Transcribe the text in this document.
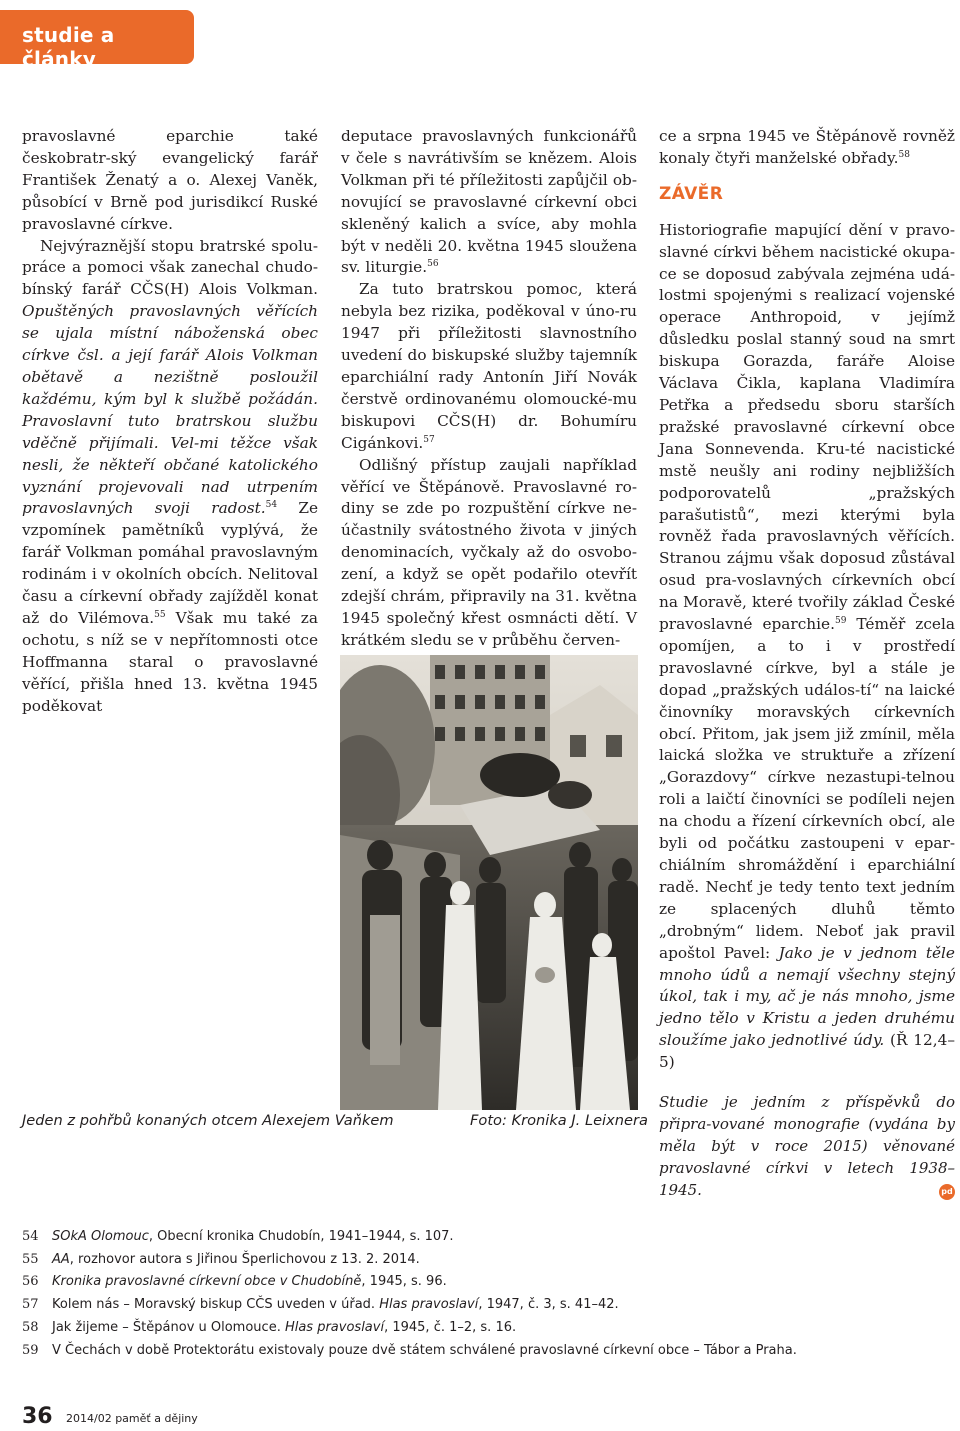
studie a články

pravoslavné eparchie také českobratr-ský evangelický farář František Ženatý a o. Alexej Vaněk, působící v Brně pod jurisdikcí Ruské pravoslavné církve.

Nejvýraznější stopu bratrské spolu-práce a pomoci však zanechal chudo-bínský farář CČS(H) Alois Volkman. Opuštěných pravoslavných věřících se ujala místní náboženská obec církve čsl. a její farář Alois Volkman obětavě a nezištně posloužil každému, kým byl k službě požádán. Pravoslavní tuto bratrskou službu vděčně přijímali. Vel-mi těžce však nesli, že někteří občané katolického vyznání projevovali nad utrpením pravoslavných svoji radost.$^{54}$ Ze vzpomínek pamětníků vyplývá, že farář Volkman pomáhal pravoslavným rodinám i v okolních obcích. Nelitoval času a církevní obřady zajížděl konat až do Vilémova.$^{55}$ Však mu také za ochotu, s níž se v nepřítomnosti otce Hoffmanna staral o pravoslavné věřící, přišla hned 13. května 1945 poděkovat

deputace pravoslavných funkcionářů v čele s navrátivším se knězem. Alois Volkman při té příležitosti zapůjčil ob-novující se pravoslavné církevní obci skleněný kalich a svíce, aby mohla být v neděli 20. května 1945 sloužena sv. liturgie.$^{56}$

Za tuto bratrskou pomoc, která nebyla bez rizika, poděkoval v úno-ru 1947 při příležitosti slavnostního uvedení do biskupské služby tajemník eparchiální rady Antonín Jiří Novák čerstvě ordinovanému olomoucké-mu biskupovi CČS(H) dr. Bohumíru Cigánkovi.$^{57}$

Odlišný přístup zaujali například věřící ve Štěpánově. Pravoslavné ro-diny se zde po rozpuštění církve ne-účastnily svátostného života v jiných denominacích, vyčkaly až do osvobo-zení, a když se opět podařilo otevřít zdejší chrám, připravily na 31. května 1945 společný křest osmnácti dětí. V krátkém sledu se v průběhu červen-

Jeden z pohřbů konaných otcem Alexejem Vaňkem	Foto: Kronika J. Leixnera

ce a srpna 1945 ve Štěpánově rovněž konaly čtyři manželské obřady.$^{58}$

ZÁVĚR

Historiografie mapující dění v pravo-slavné církvi během nacistické okupa-ce se doposud zabývala zejména udá-lostmi spojenými s realizací vojenské operace Anthropoid, v jejímž důsledku poslal stanný soud na smrt biskupa Gorazda, faráře Aloise Václava Čikla, kaplana Vladimíra Petřka a předsedu sboru starších pražské pravoslavné církevní obce Jana Sonnevenda. Kru-té nacistické mstě neušly ani rodiny nejbližších podporovatelů „pražských parašutistů“, mezi kterými byla rovněž řada pravoslavných věřících. Stranou zájmu však doposud zůstával osud pra-voslavných církevních obcí na Moravě, které tvořily základ České pravoslavné eparchie.$^{59}$ Téměř zcela opomíjen, a to i v prostředí pravoslavné církve, byl a stále je dopad „pražských událos-tí“ na laické činovníky moravských církevních obcí. Přitom, jak jsem již zmínil, měla laická složka ve struktuře a zřízení „Gorazdovy“ církve nezastupi-telnou roli a laičtí činovníci se podíleli nejen na chodu a řízení církevních obcí, ale byli od počátku zastoupeni v epar-chiálním shromáždění i eparchiální radě. Nechť je tedy tento text jedním ze splacených dluhů těmto „drobným“ lidem. Neboť jak pravil apoštol Pavel: Jako je v jednom těle mnoho údů a nemají všechny stejný úkol, tak i my, ač je nás mnoho, jsme jedno tělo v Kristu a jeden druhému sloužíme jako jednotlivé údy. (Ř 12,4–5)

Studie je jedním z příspěvků do připra-vované monografie (vydána by měla být v roce 2015) věnované pravoslavné církvi v letech 1938–1945.	pd

54	SOkA Olomouc, Obecní kronika Chudobín, 1941–1944, s. 107.
55	AA, rozhovor autora s Jiřinou Šperlichovou z 13. 2. 2014.
56	Kronika pravoslavné církevní obce v Chudobíně, 1945, s. 96.
57	Kolem nás – Moravský biskup CČS uveden v úřad. Hlas pravoslaví, 1947, č. 3, s. 41–42.
58	Jak žijeme – Štěpánov u Olomouce. Hlas pravoslaví, 1945, č. 1–2, s. 16.
59	V Čechách v době Protektorátu existovaly pouze dvě státem schválené pravoslavné církevní obce – Tábor a Praha.
36 2014/02 paměť a dějiny
